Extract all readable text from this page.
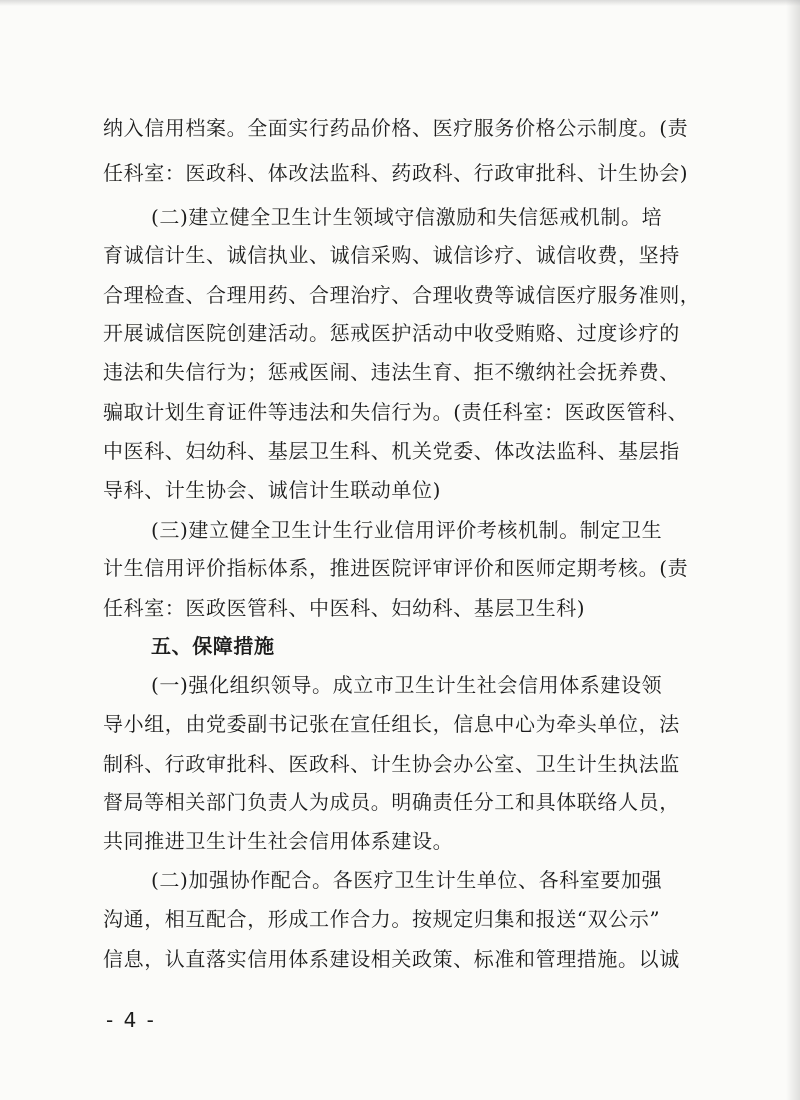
纳入信用档案。全面实行药品价格、医疗服务价格公示制度。(责
任科室：医政科、体改法监科、药政科、行政审批科、计生协会)
(二)建立健全卫生计生领域守信激励和失信惩戒机制。培
育诚信计生、诚信执业、诚信采购、诚信诊疗、诚信收费，坚持
合理检查、合理用药、合理治疗、合理收费等诚信医疗服务准则，
开展诚信医院创建活动。惩戒医护活动中收受贿赂、过度诊疗的
违法和失信行为；惩戒医闹、违法生育、拒不缴纳社会抚养费、
骗取计划生育证件等违法和失信行为。(责任科室：医政医管科、
中医科、妇幼科、基层卫生科、机关党委、体改法监科、基层指
导科、计生协会、诚信计生联动单位)
(三)建立健全卫生计生行业信用评价考核机制。制定卫生
计生信用评价指标体系，推进医院评审评价和医师定期考核。(责
任科室：医政医管科、中医科、妇幼科、基层卫生科)
五、保障措施
(一)强化组织领导。成立市卫生计生社会信用体系建设领
导小组，由党委副书记张在宣任组长，信息中心为牵头单位，法
制科、行政审批科、医政科、计生协会办公室、卫生计生执法监
督局等相关部门负责人为成员。明确责任分工和具体联络人员，
共同推进卫生计生社会信用体系建设。
(二)加强协作配合。各医疗卫生计生单位、各科室要加强
沟通，相互配合，形成工作合力。按规定归集和报送“双公示”
信息，认直落实信用体系建设相关政策、标准和管理措施。以诚
- 4 -
